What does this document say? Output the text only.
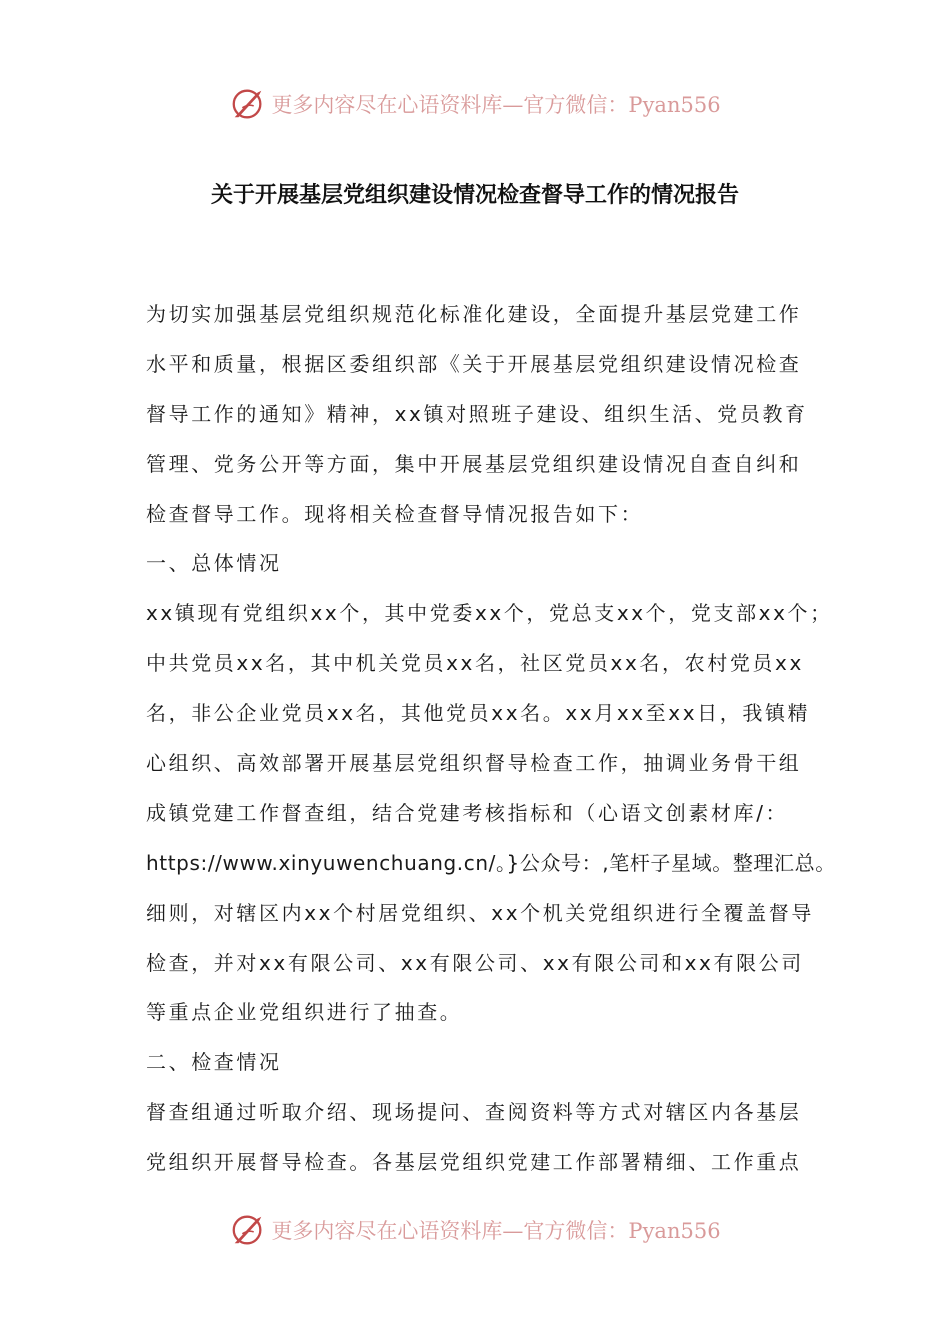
更多内容尽在心语资料库—官方微信：Pyan556
关于开展基层党组织建设情况检查督导工作的情况报告
为切实加强基层党组织规范化标准化建设，全面提升基层党建工作
水平和质量，根据区委组织部《关于开展基层党组织建设情况检查
督导工作的通知》精神，xx镇对照班子建设、组织生活、党员教育
管理、党务公开等方面，集中开展基层党组织建设情况自查自纠和
检查督导工作。现将相关检查督导情况报告如下：
一、总体情况
xx镇现有党组织xx个，其中党委xx个，党总支xx个，党支部xx个；
中共党员xx名，其中机关党员xx名，社区党员xx名，农村党员xx
名，非公企业党员xx名，其他党员xx名。xx月xx至xx日，我镇精
心组织、高效部署开展基层党组织督导检查工作，抽调业务骨干组
成镇党建工作督查组，结合党建考核指标和（心语文创素材库/：
https://www.xinyuwenchuang.cn/。}公众号：,笔杆子星域。整理汇总。
细则，对辖区内xx个村居党组织、xx个机关党组织进行全覆盖督导
检查，并对xx有限公司、xx有限公司、xx有限公司和xx有限公司
等重点企业党组织进行了抽查。
二、检查情况
督查组通过听取介绍、现场提问、查阅资料等方式对辖区内各基层
党组织开展督导检查。各基层党组织党建工作部署精细、工作重点
更多内容尽在心语资料库—官方微信：Pyan556
